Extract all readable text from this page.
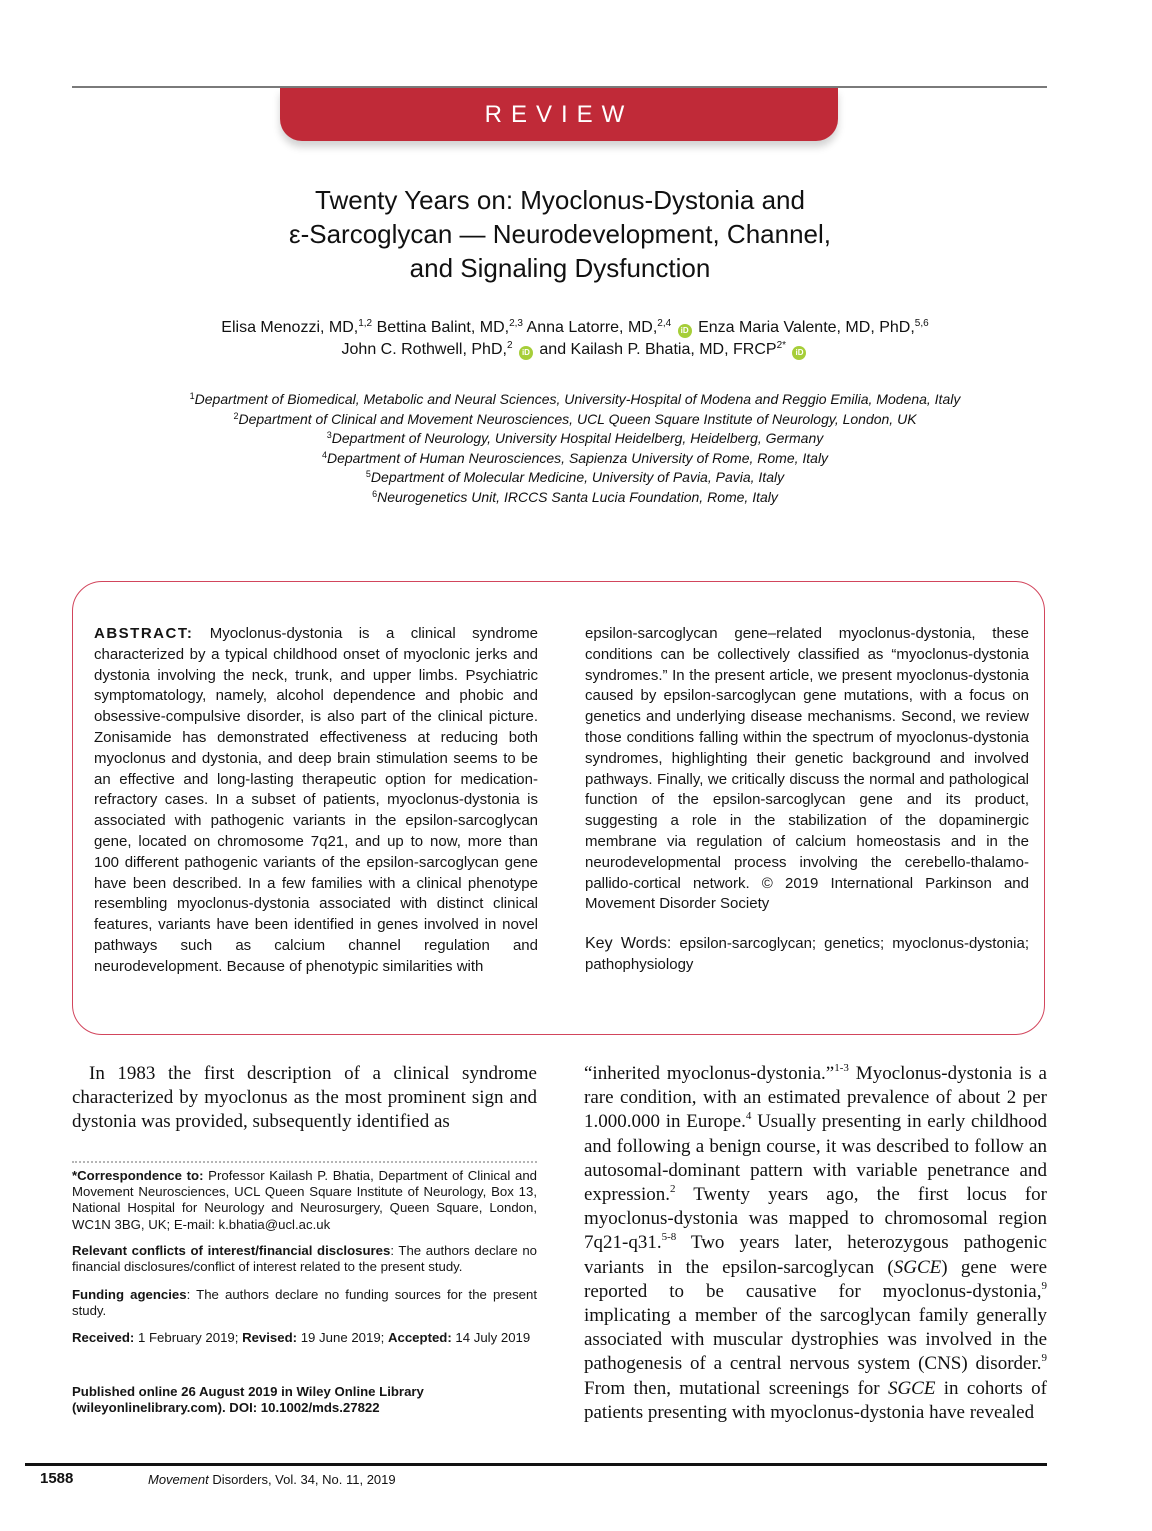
REVIEW
Twenty Years on: Myoclonus-Dystonia and
ε-Sarcoglycan — Neurodevelopment, Channel,
and Signaling Dysfunction
Elisa Menozzi, MD,$^{1,2}$ Bettina Balint, MD,$^{2,3}$ Anna Latorre, MD,$^{2,4}$ iD Enza Maria Valente, MD, PhD,$^{5,6}$
John C. Rothwell, PhD,$^2$ iD and Kailash P. Bhatia, MD, $FRCP^{2*}$ iD
$^1$Department of Biomedical, Metabolic and Neural Sciences, University-Hospital of Modena and Reggio Emilia, Modena, Italy
$^2$Department of Clinical and Movement Neurosciences, UCL Queen Square Institute of Neurology, London, UK
$^3$Department of Neurology, University Hospital Heidelberg, Heidelberg, Germany
$^4$Department of Human Neurosciences, Sapienza University of Rome, Rome, Italy
$^5$Department of Molecular Medicine, University of Pavia, Pavia, Italy
$^6$Neurogenetics Unit, IRCCS Santa Lucia Foundation, Rome, Italy
ABSTRACT: Myoclonus-dystonia is a clinical syndrome characterized by a typical childhood onset of myoclonic jerks and dystonia involving the neck, trunk, and upper limbs. Psychiatric symptomatology, namely, alcohol dependence and phobic and obsessive-compulsive disorder, is also part of the clinical picture. Zonisamide has demonstrated effectiveness at reducing both myoclonus and dystonia, and deep brain stimulation seems to be an effective and long-lasting therapeutic option for medication-refractory cases. In a subset of patients, myoclonus-dystonia is associated with pathogenic variants in the epsilon-sarcoglycan gene, located on chromosome 7q21, and up to now, more than 100 different pathogenic variants of the epsilon-sarcoglycan gene have been described. In a few families with a clinical phenotype resembling myoclonus-dystonia associated with distinct clinical features, variants have been identified in genes involved in novel pathways such as calcium channel regulation and neurodevelopment. Because of phenotypic similarities with
epsilon-sarcoglycan gene–related myoclonus-dystonia, these conditions can be collectively classified as “myoclonus-dystonia syndromes.” In the present article, we present myoclonus-dystonia caused by epsilon-sarcoglycan gene mutations, with a focus on genetics and underlying disease mechanisms. Second, we review those conditions falling within the spectrum of myoclonus-dystonia syndromes, highlighting their genetic background and involved pathways. Finally, we critically discuss the normal and pathological function of the epsilon-sarcoglycan gene and its product, suggesting a role in the stabilization of the dopaminergic membrane via regulation of calcium homeostasis and in the neurodevelopmental process involving the cerebello-thalamo-pallido-cortical network. © 2019 International Parkinson and Movement Disorder Society
Key Words: epsilon-sarcoglycan; genetics; myoclonus-dystonia; pathophysiology
In 1983 the first description of a clinical syndrome characterized by myoclonus as the most prominent sign and dystonia was provided, subsequently identified as
*Correspondence to: Professor Kailash P. Bhatia, Department of Clinical and Movement Neurosciences, UCL Queen Square Institute of Neurology, Box 13, National Hospital for Neurology and Neurosurgery, Queen Square, London, WC1N 3BG, UK; E-mail: k.bhatia@ucl.ac.uk
Relevant conflicts of interest/financial disclosures: The authors declare no financial disclosures/conflict of interest related to the present study.
Funding agencies: The authors declare no funding sources for the present study.
Received: 1 February 2019; Revised: 19 June 2019; Accepted: 14 July 2019
Published online 26 August 2019 in Wiley Online Library
(wileyonlinelibrary.com). DOI: 10.1002/mds.27822
“inherited myoclonus-dystonia.”$^{1-3}$ Myoclonus-dystonia is a rare condition, with an estimated prevalence of about 2 per 1.000.000 in Europe.$^4$ Usually presenting in early childhood and following a benign course, it was described to follow an autosomal-dominant pattern with variable penetrance and expression.$^2$ Twenty years ago, the first locus for myoclonus-dystonia was mapped to chromosomal region 7q21-q31.$^{5-8}$ Two years later, heterozygous pathogenic variants in the epsilon-sarcoglycan (SGCE) gene were reported to be causative for myoclonus-dystonia,$^9$ implicating a member of the sarcoglycan family generally associated with muscular dystrophies was involved in the pathogenesis of a central nervous system (CNS) disorder.$^9$ From then, mutational screenings for SGCE in cohorts of patients presenting with myoclonus-dystonia have revealed
1588	Movement Disorders, Vol. 34, No. 11, 2019
